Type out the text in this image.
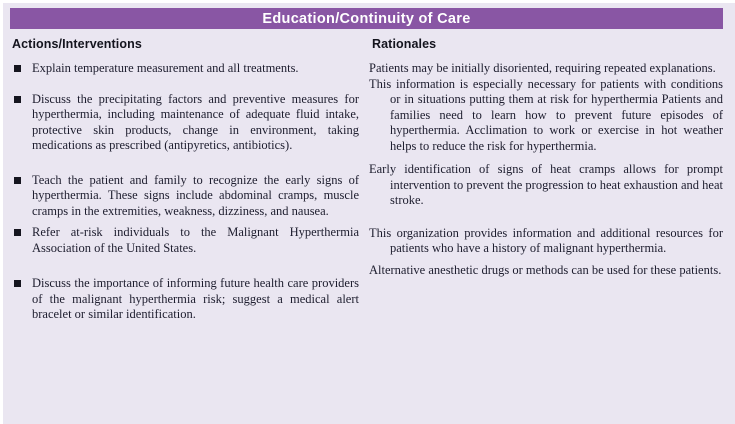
Education/Continuity of Care
Actions/Interventions	Rationales
Explain temperature measurement and all treatments.
Discuss the precipitating factors and preventive measures for hyperthermia, including maintenance of adequate fluid intake, protective skin products, change in environment, taking medications as prescribed (antipyretics, antibiotics).
Teach the patient and family to recognize the early signs of hyperthermia. These signs include abdominal cramps, muscle cramps in the extremities, weakness, dizziness, and nausea.
Refer at-risk individuals to the Malignant Hyperthermia Association of the United States.
Discuss the importance of informing future health care providers of the malignant hyperthermia risk; suggest a medical alert bracelet or similar identification.

Patients may be initially disoriented, requiring repeated explanations.

This information is especially necessary for patients with conditions or in situations putting them at risk for hyperthermia Patients and families need to learn how to prevent future episodes of hyperthermia. Acclimation to work or exercise in hot weather helps to reduce the risk for hyperthermia.

Early identification of signs of heat cramps allows for prompt intervention to prevent the progression to heat exhaustion and heat stroke.

This organization provides information and additional resources for patients who have a history of malignant hyperthermia.

Alternative anesthetic drugs or methods can be used for these patients.
